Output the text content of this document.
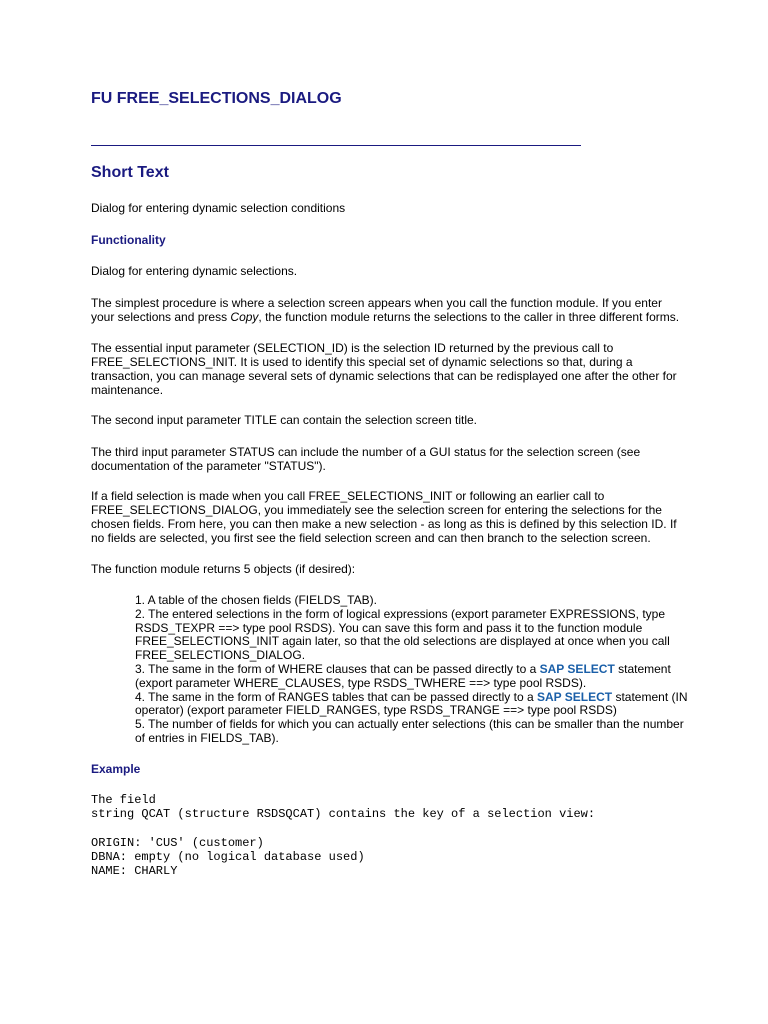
FU FREE_SELECTIONS_DIALOG
Short Text

Dialog for entering dynamic selection conditions

Functionality

Dialog for entering dynamic selections.

The simplest procedure is where a selection screen appears when you call the function module. If you enter your selections and press Copy, the function module returns the selections to the caller in three different forms.

The essential input parameter (SELECTION_ID) is the selection ID returned by the previous call to FREE_SELECTIONS_INIT. It is used to identify this special set of dynamic selections so that, during a transaction, you can manage several sets of dynamic selections that can be redisplayed one after the other for maintenance.

The second input parameter TITLE can contain the selection screen title.

The third input parameter STATUS can include the number of a GUI status for the selection screen (see documentation of the parameter "STATUS").

If a field selection is made when you call FREE_SELECTIONS_INIT or following an earlier call to FREE_SELECTIONS_DIALOG, you immediately see the selection screen for entering the selections for the chosen fields. From here, you can then make a new selection - as long as this is defined by this selection ID. If no fields are selected, you first see the field selection screen and can then branch to the selection screen.

The function module returns 5 objects (if desired):

1. A table of the chosen fields (FIELDS_TAB).
2. The entered selections in the form of logical expressions (export parameter EXPRESSIONS, type RSDS_TEXPR ==> type pool RSDS). You can save this form and pass it to the function module FREE_SELECTIONS_INIT again later, so that the old selections are displayed at once when you call FREE_SELECTIONS_DIALOG.
3. The same in the form of WHERE clauses that can be passed directly to a SAP SELECT statement (export parameter WHERE_CLAUSES, type RSDS_TWHERE ==> type pool RSDS).
4. The same in the form of RANGES tables that can be passed directly to a SAP SELECT statement (IN operator) (export parameter FIELD_RANGES, type RSDS_TRANGE ==> type pool RSDS)
5. The number of fields for which you can actually enter selections (this can be smaller than the number of entries in FIELDS_TAB).
Example
The field
string QCAT (structure RSDSQCAT) contains the key of a selection view:
ORIGIN: 'CUS' (customer)
DBNA: empty (no logical database used)
NAME: CHARLY
